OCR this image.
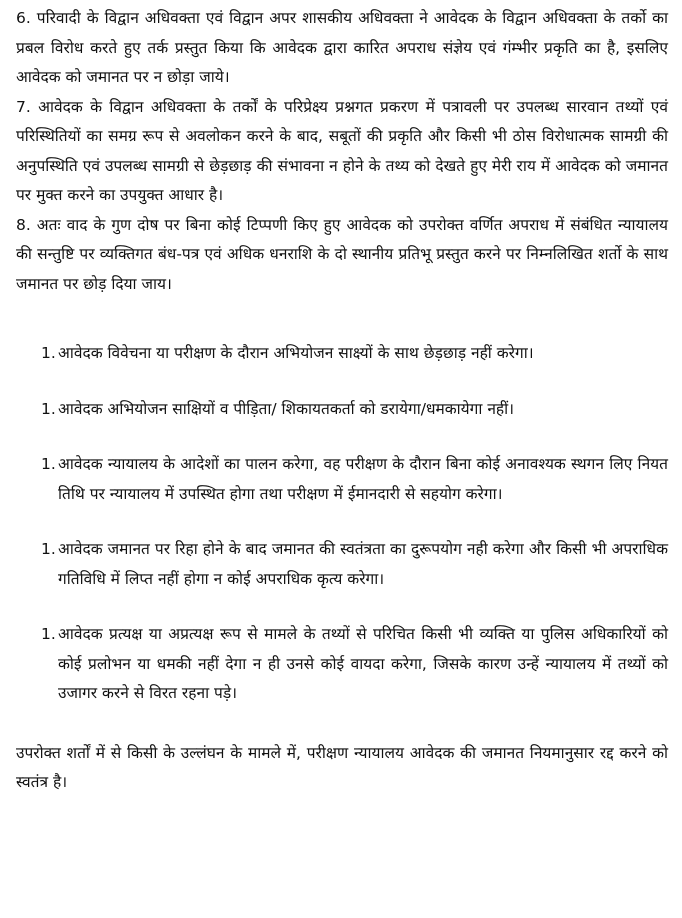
6. परिवादी के विद्वान अधिवक्ता एवं विद्वान अपर शासकीय अधिवक्ता ने आवेदक के विद्वान अधिवक्ता के तर्को का प्रबल विरोध करते हुए तर्क प्रस्तुत किया कि आवेदक द्वारा कारित अपराध संज्ञेय एवं गंम्भीर प्रकृति का है, इसलिए आवेदक को जमानत पर न छोड़ा जाये।

7. आवेदक के विद्वान अधिवक्ता के तर्कों के परिप्रेक्ष्य प्रश्नगत प्रकरण में पत्रावली पर उपलब्ध सारवान तथ्यों एवं परिस्थितियों का समग्र रूप से अवलोकन करने के बाद, सबूतों की प्रकृति और किसी भी ठोस विरोधात्मक सामग्री की अनुपस्थिति एवं उपलब्ध सामग्री से छेड़छाड़ की संभावना न होने के तथ्य को देखते हुए मेरी राय में आवेदक को जमानत पर मुक्त करने का उपयुक्त आधार है।

8. अतः वाद के गुण दोष पर बिना कोई टिप्पणी किए हुए आवेदक को उपरोक्त वर्णित अपराध में संबंधित न्यायालय की सन्तुष्टि पर व्यक्तिगत बंध-पत्र एवं अधिक धनराशि के दो स्थानीय प्रतिभू प्रस्तुत करने पर निम्नलिखित शर्तो के साथ जमानत पर छोड़ दिया जाय।

1. आवेदक विवेचना या परीक्षण के दौरान अभियोजन साक्ष्यों के साथ छेड़छाड़ नहीं करेगा।
1. आवेदक अभियोजन साक्षियों व पीड़िता/ शिकायतकर्ता को डरायेगा/धमकायेगा नहीं।
1. आवेदक न्यायालय के आदेशों का पालन करेगा, वह परीक्षण के दौरान बिना कोई अनावश्यक स्थगन लिए नियत तिथि पर न्यायालय में उपस्थित होगा तथा परीक्षण में ईमानदारी से सहयोग करेगा।
1. आवेदक जमानत पर रिहा होने के बाद जमानत की स्वतंत्रता का दुरूपयोग नही करेगा और किसी भी अपराधिक गतिविधि में लिप्त नहीं होगा न कोई अपराधिक कृत्य करेगा।
1. आवेदक प्रत्यक्ष या अप्रत्यक्ष रूप से मामले के तथ्यों से परिचित किसी भी व्यक्ति या पुलिस अधिकारियों को कोई प्रलोभन या धमकी नहीं देगा न ही उनसे कोई वायदा करेगा, जिसके कारण उन्हें न्यायालय में तथ्यों को उजागर करने से विरत रहना पड़े।

उपरोक्त शर्तों में से किसी के उल्लंघन के मामले में, परीक्षण न्यायालय आवेदक की जमानत नियमानुसार रद्द करने को स्वतंत्र है।
